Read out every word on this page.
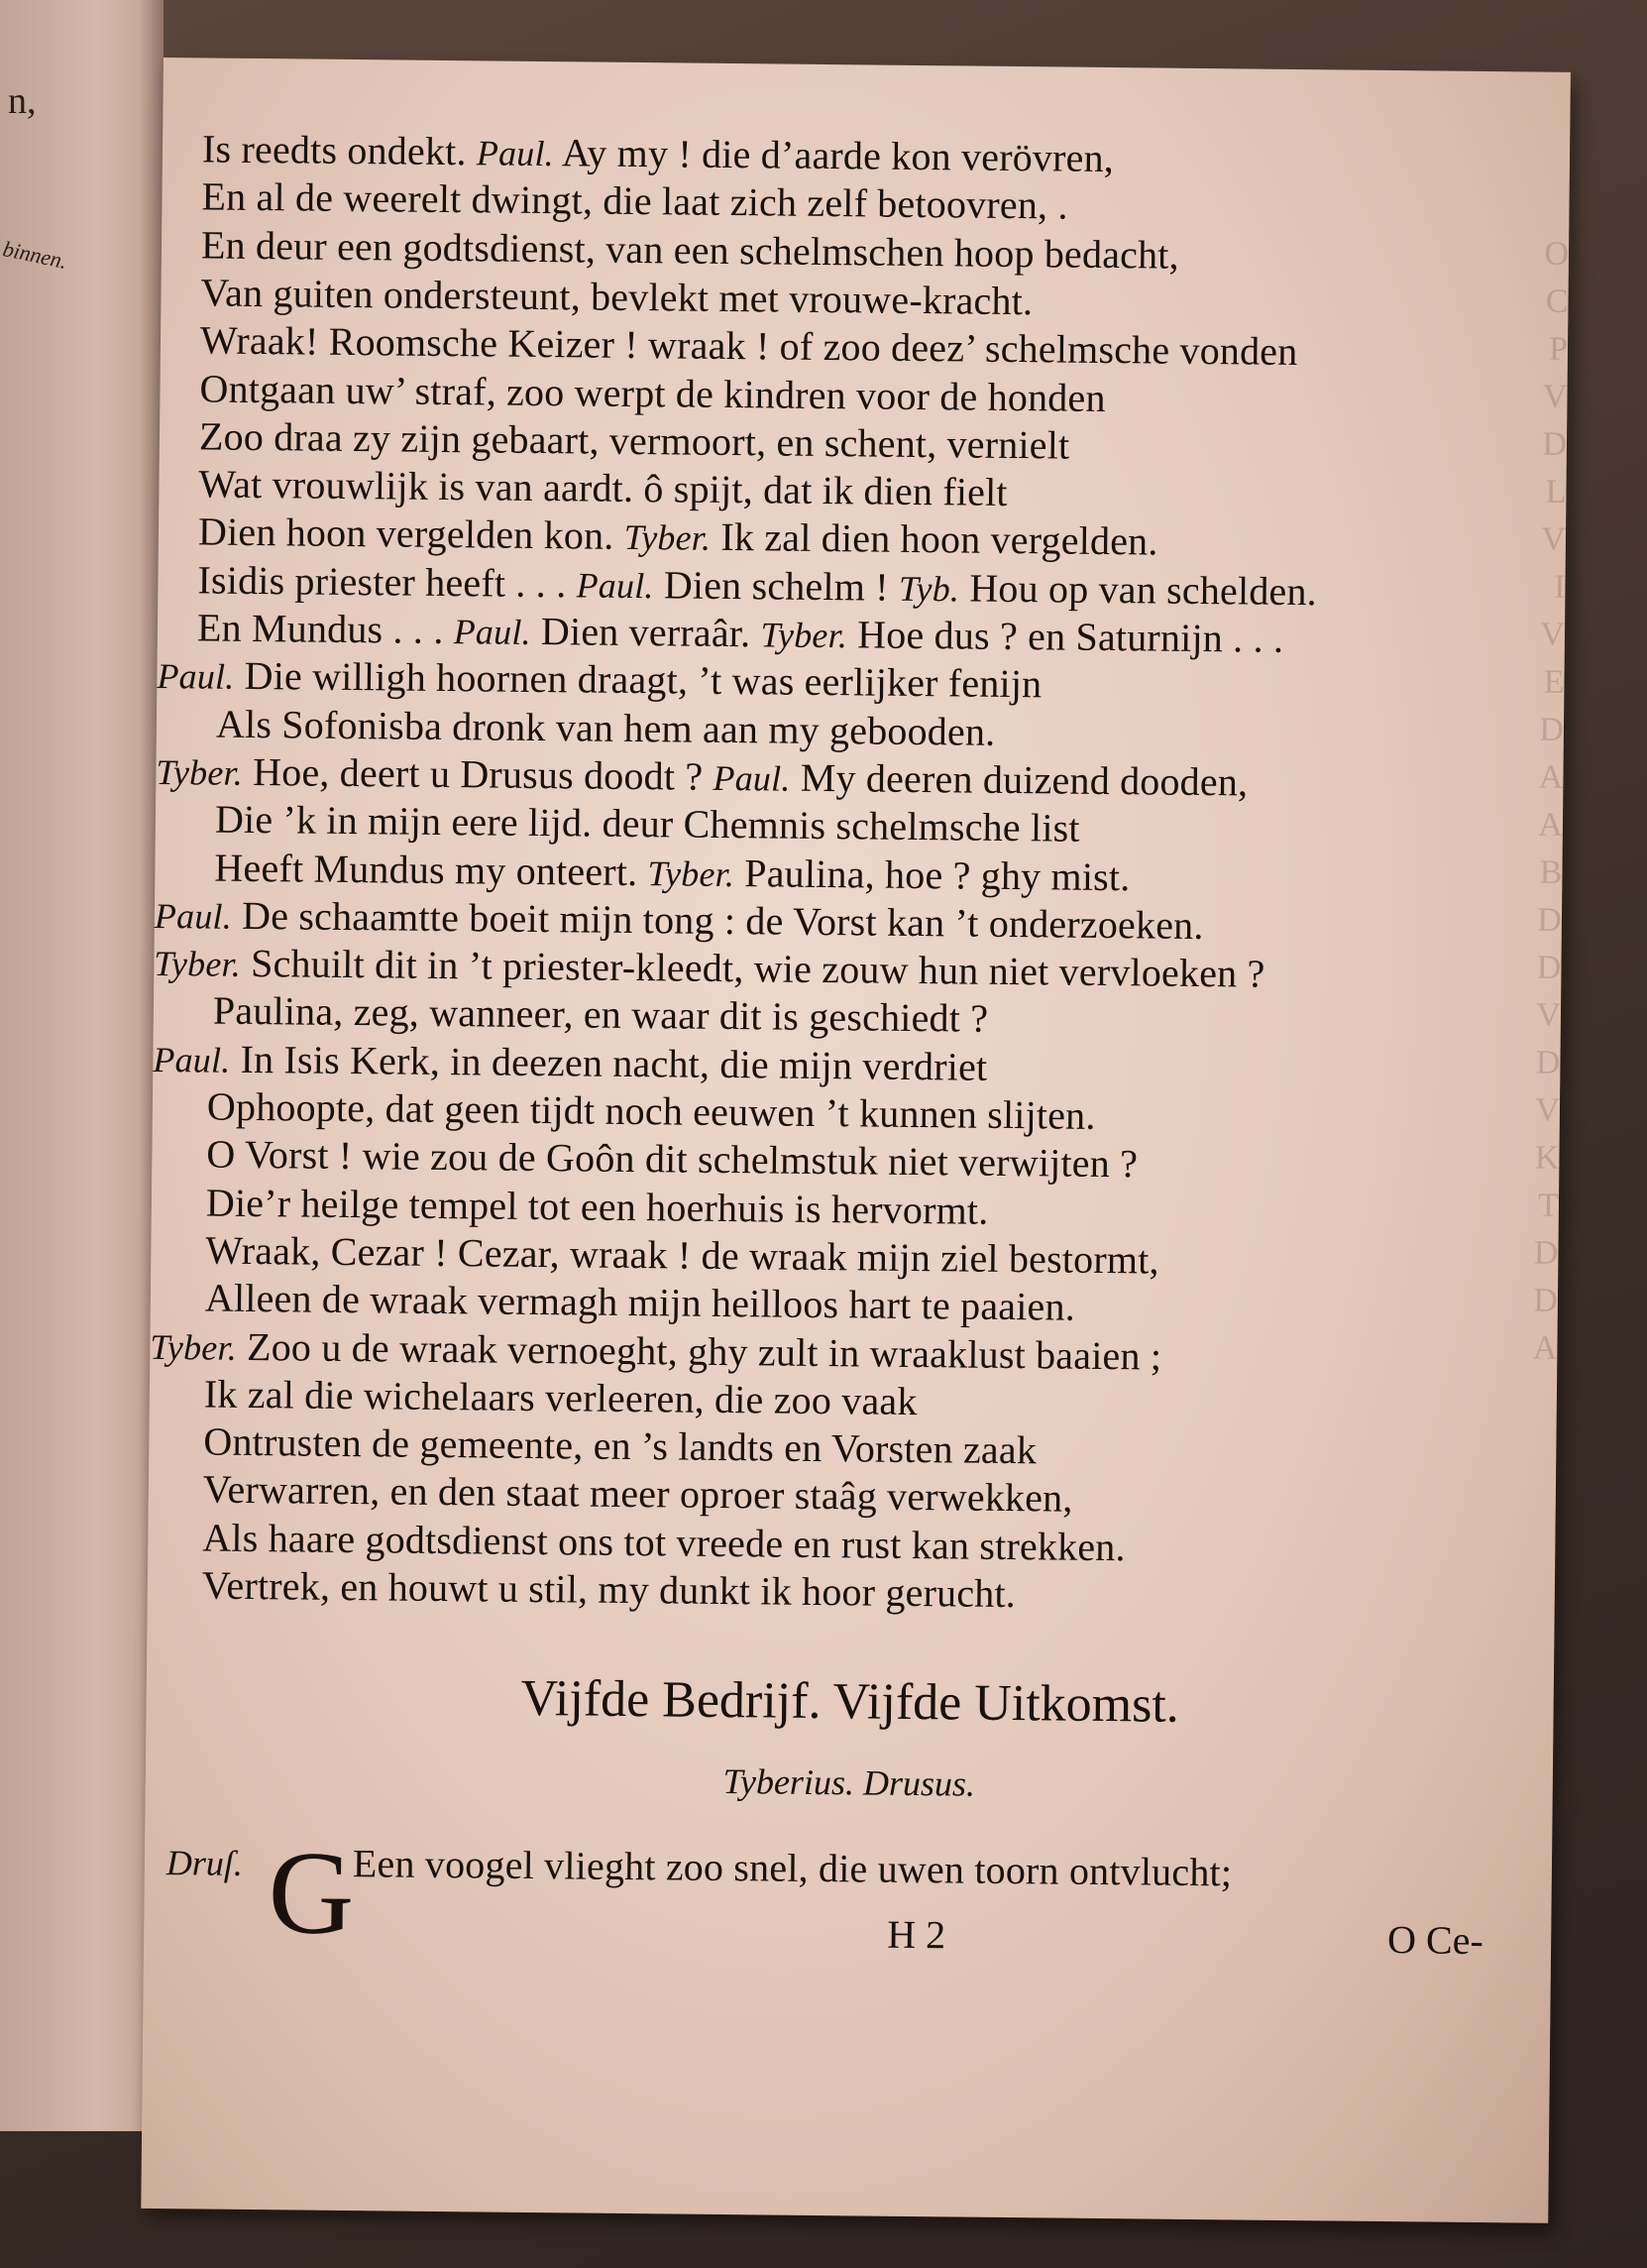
n,
binnen.	O
C
P
V
D
L
V
I
V
E
D
A
A
B
D
D
V
D
V
K
T
D
D
A
Is reedts ondekt. Paul. Ay my ! die d’aarde kon verövren,
En al de weerelt dwingt, die laat zich zelf betoovren, .
En deur een godtsdienst, van een schelmschen hoop bedacht,
Van guiten ondersteunt, bevlekt met vrouwe-kracht.
Wraak! Roomsche Keizer ! wraak ! of zoo deez’ schelmsche vonden
Ontgaan uw’ straf, zoo werpt de kindren voor de honden
Zoo draa zy zijn gebaart, vermoort, en schent, vernielt
Wat vrouwlijk is van aardt. ô spijt, dat ik dien fielt
Dien hoon vergelden kon. Tyber. Ik zal dien hoon vergelden.
Isidis priester heeft . . . Paul. Dien schelm ! Tyb. Hou op van schelden.
En Mundus . . . Paul. Dien verraâr. Tyber. Hoe dus ? en Saturnijn . . .
Paul. Die willigh hoornen draagt, ’t was eerlijker fenijn
Als Sofonisba dronk van hem aan my gebooden.
Tyber. Hoe, deert u Drusus doodt ? Paul. My deeren duizend dooden,
Die ’k in mijn eere lijd. deur Chemnis schelmsche list
Heeft Mundus my onteert. Tyber. Paulina, hoe ? ghy mist.
Paul. De schaamtte boeit mijn tong : de Vorst kan ’t onderzoeken.
Tyber. Schuilt dit in ’t priester-kleedt, wie zouw hun niet vervloeken ?
Paulina, zeg, wanneer, en waar dit is geschiedt ?
Paul. In Isis Kerk, in deezen nacht, die mijn verdriet
Ophoopte, dat geen tijdt noch eeuwen ’t kunnen slijten.
O Vorst ! wie zou de Goôn dit schelmstuk niet verwijten ?
Die’r heilge tempel tot een hoerhuis is hervormt.
Wraak, Cezar ! Cezar, wraak ! de wraak mijn ziel bestormt,
Alleen de wraak vermagh mijn heilloos hart te paaien.
Tyber. Zoo u de wraak vernoeght, ghy zult in wraaklust baaien ;
Ik zal die wichelaars verleeren, die zoo vaak
Ontrusten de gemeente, en ’s landts en Vorsten zaak
Verwarren, en den staat meer oproer staâg verwekken,
Als haare godtsdienst ons tot vreede en rust kan strekken.
Vertrek, en houwt u stil, my dunkt ik hoor gerucht.
Vijfde Bedrijf. Vijfde Uitkomst.
Tyberius. Drusus.
Druſ. G
Een voogel vlieght zoo snel, die uwen toorn ontvlucht;
H 2	O Ce-
